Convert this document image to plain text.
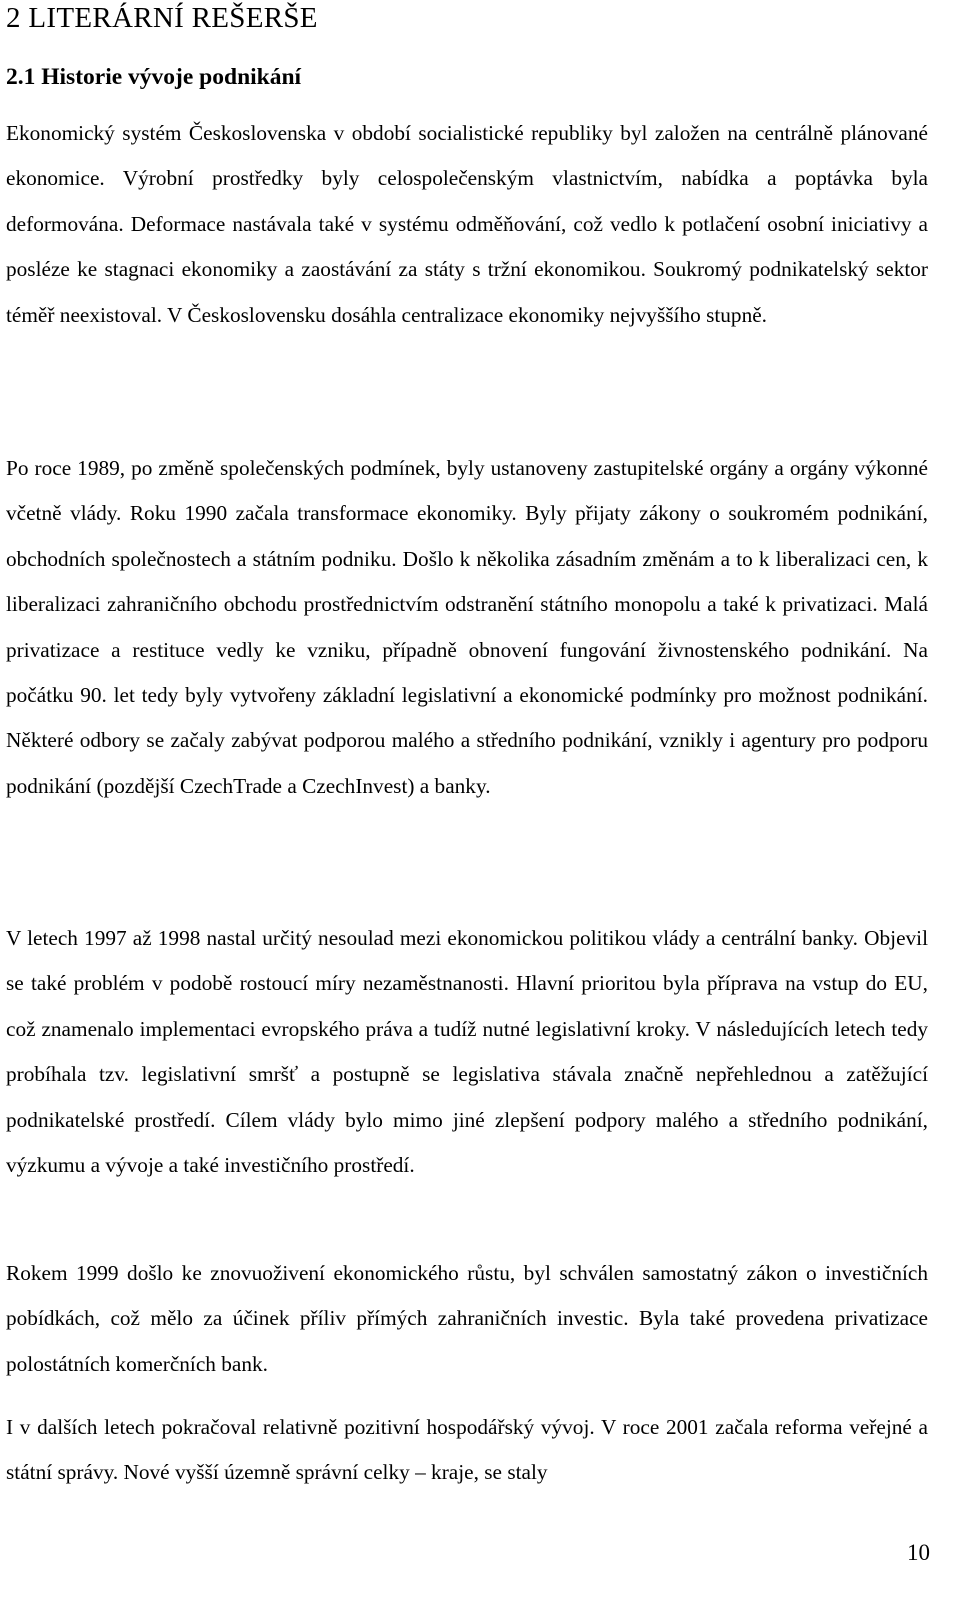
2 LITERÁRNÍ REŠERŠE
2.1 Historie vývoje podnikání

Ekonomický systém Československa v období socialistické republiky byl založen na centrálně plánované ekonomice. Výrobní prostředky byly celospolečenským vlastnictvím, nabídka a poptávka byla deformována. Deformace nastávala také v systému odměňování, což vedlo k potlačení osobní iniciativy a posléze ke stagnaci ekonomiky a zaostávání za státy s tržní ekonomikou. Soukromý podnikatelský sektor téměř neexistoval. V Československu dosáhla centralizace ekonomiky nejvyššího stupně.

Po roce 1989, po změně společenských podmínek, byly ustanoveny zastupitelské orgány a orgány výkonné včetně vlády. Roku 1990 začala transformace ekonomiky. Byly přijaty zákony o soukromém podnikání, obchodních společnostech a státním podniku. Došlo k několika zásadním změnám a to k liberalizaci cen, k liberalizaci zahraničního obchodu prostřednictvím odstranění státního monopolu a také k privatizaci. Malá privatizace a restituce vedly ke vzniku, případně obnovení fungování živnostenského podnikání. Na počátku 90. let tedy byly vytvořeny základní legislativní a ekonomické podmínky pro možnost podnikání. Některé odbory se začaly zabývat podporou malého a středního podnikání, vznikly i agentury pro podporu podnikání (pozdější CzechTrade a CzechInvest) a banky.

V letech 1997 až 1998 nastal určitý nesoulad mezi ekonomickou politikou vlády a centrální banky. Objevil se také problém v podobě rostoucí míry nezaměstnanosti. Hlavní prioritou byla příprava na vstup do EU, což znamenalo implementaci evropského práva a tudíž nutné legislativní kroky. V následujících letech tedy probíhala tzv. legislativní smršť a postupně se legislativa stávala značně nepřehlednou a zatěžující podnikatelské prostředí. Cílem vlády bylo mimo jiné zlepšení podpory malého a středního podnikání, výzkumu a vývoje a také investičního prostředí.

Rokem 1999 došlo ke znovuoživení ekonomického růstu, byl schválen samostatný zákon o investičních pobídkách, což mělo za účinek příliv přímých zahraničních investic. Byla také provedena privatizace polostátních komerčních bank.

I v dalších letech pokračoval relativně pozitivní hospodářský vývoj. V roce 2001 začala reforma veřejné a státní správy. Nové vyšší územně správní celky – kraje, se staly

10
